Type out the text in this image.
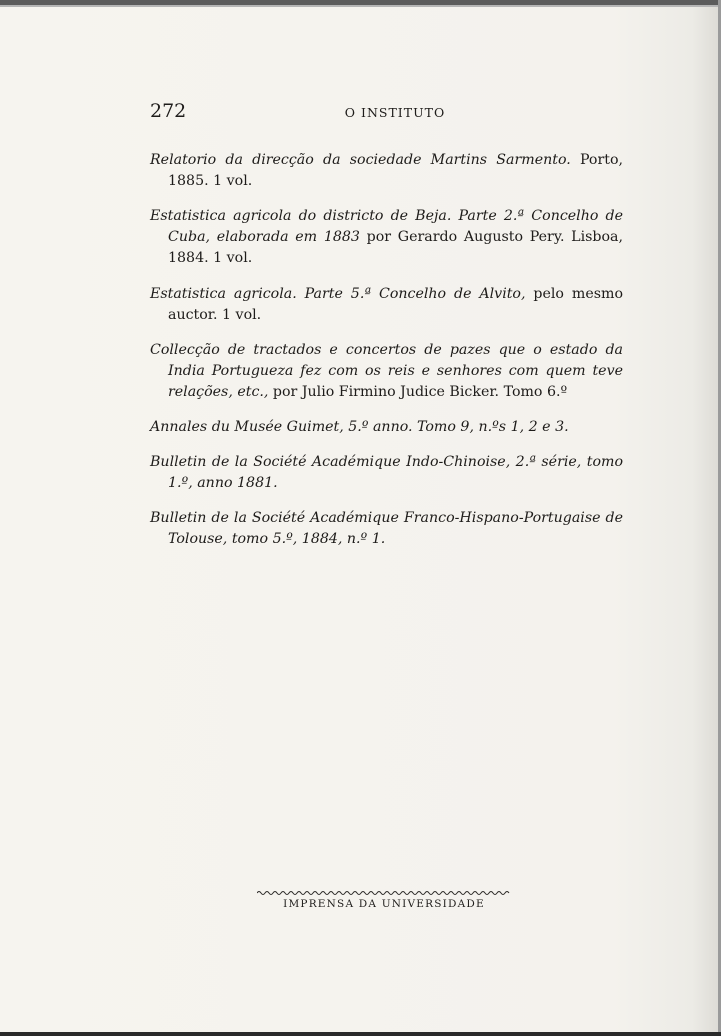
272	O INSTITUTO

Relatorio da direcção da sociedade Martins Sarmento. Porto, 1885. 1 vol.

Estatistica agricola do districto de Beja. Parte 2.ª Concelho de Cuba, elaborada em 1883 por Gerardo Augusto Pery. Lisboa, 1884. 1 vol.

Estatistica agricola. Parte 5.ª Concelho de Alvito, pelo mesmo auctor. 1 vol.

Collecção de tractados e concertos de pazes que o estado da India Portugueza fez com os reis e senhores com quem teve relações, etc., por Julio Firmino Judice Bicker. Tomo 6.º

Annales du Musée Guimet, 5.º anno. Tomo 9, n.ºs 1, 2 e 3.

Bulletin de la Société Académique Indo-Chinoise, 2.ª série, tomo 1.º, anno 1881.

Bulletin de la Société Académique Franco-Hispano-Portugaise de Tolouse, tomo 5.º, 1884, n.º 1.

IMPRENSA DA UNIVERSIDADE
